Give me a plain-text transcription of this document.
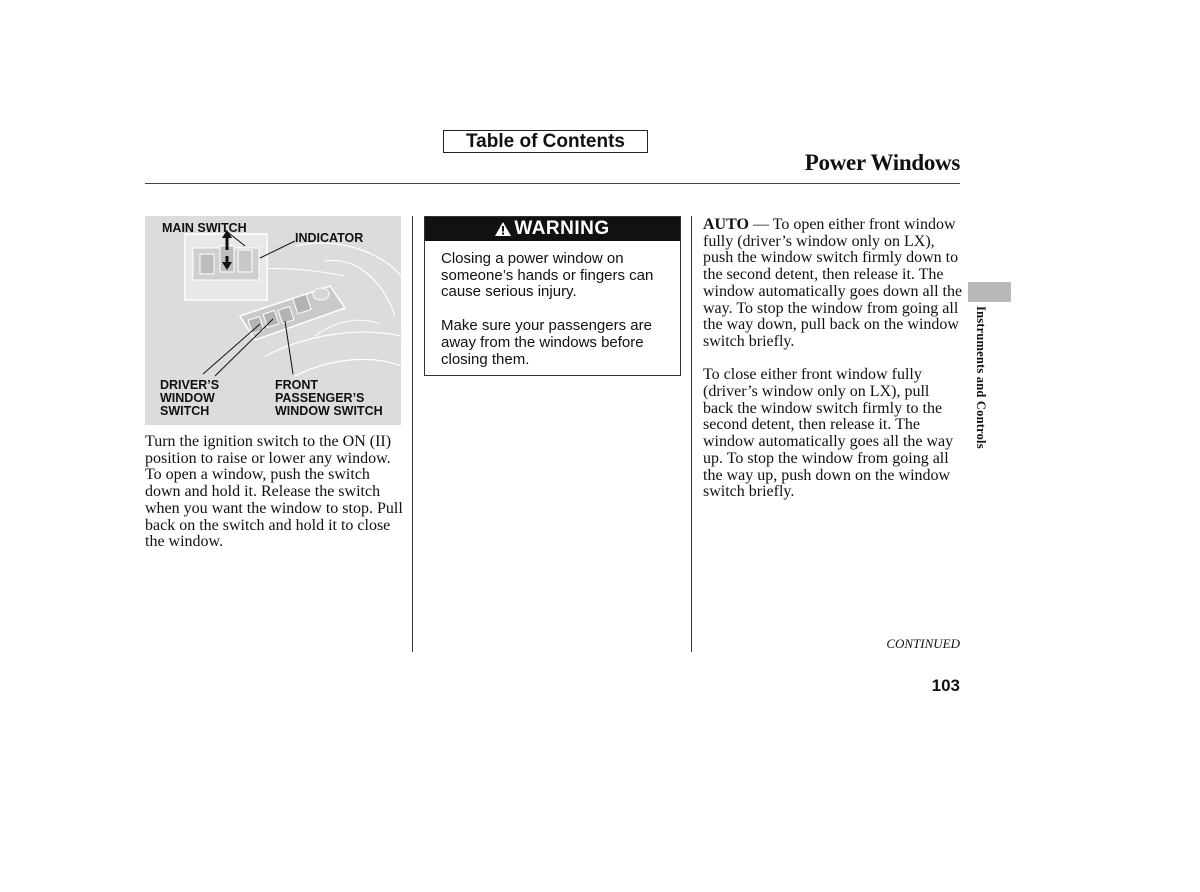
Table of Contents
Power Windows
MAIN SWITCH
INDICATOR
DRIVER’S
WINDOW
SWITCH
FRONT
PASSENGER’S
WINDOW SWITCH

Turn the ignition switch to the ON (II) position to raise or lower any window. To open a window, push the switch down and hold it. Release the switch when you want the window to stop. Pull back on the switch and hold it to close the window.

WARNING

Closing a power window on someone’s hands or fingers can cause serious injury.

Make sure your passengers are away from the windows before closing them.

AUTO — To open either front window fully (driver’s window only on LX), push the window switch firmly down to the second detent, then release it. The window automatically goes down all the way. To stop the window from going all the way down, pull back on the window switch briefly.

To close either front window fully (driver’s window only on LX), pull back the window switch firmly to the second detent, then release it. The window automatically goes all the way up. To stop the window from going all the way up, push down on the window switch briefly.

Instruments and Controls
CONTINUED
103
